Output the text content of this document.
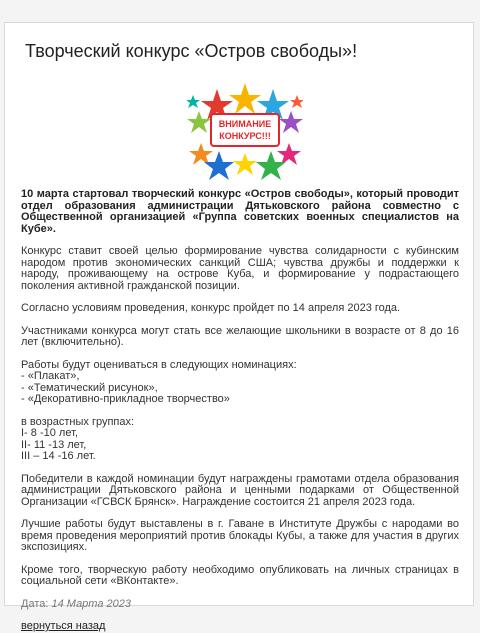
Творческий конкурс «Остров свободы»!
ВНИМАНИЕ
КОНКУРС!!!

10 марта стартовал творческий конкурс «Остров свободы», который проводит отдел образования администрации Дятьковского района совместно с Общественной организацией «Группа советских военных специалистов на Кубе».

Конкурс ставит своей целью формирование чувства солидарности с кубинским народом против экономических санкций США; чувства дружбы и поддержки к народу, проживающему на острове Куба, и формирование у подрастающего поколения активной гражданской позиции.

Согласно условиям проведения, конкурс пройдет по 14 апреля 2023 года.

Участниками конкурса могут стать все желающие школьники в возрасте от 8 до 16 лет (включительно).

Работы будут оцениваться в следующих номинациях:
- «Плакат»,
- «Тематический рисунок»,
- «Декоративно-прикладное творчество»

в возрастных группах:
I- 8 -10 лет,
II- 11 -13 лет,
III – 14 -16 лет.

Победители в каждой номинации будут награждены грамотами отдела образования администрации Дятьковского района и ценными подарками от Общественной Организации «ГСВСК Брянск». Награждение состоится 21 апреля 2023 года.

Лучшие работы будут выставлены в г. Гаване в Институте Дружбы с народами во время проведения мероприятий против блокады Кубы, а также для участия в других экспозициях.

Кроме того, творческую работу необходимо опубликовать на личных страницах в социальной сети «ВКонтакте».

Дата: 14 Марта 2023

вернуться назад
